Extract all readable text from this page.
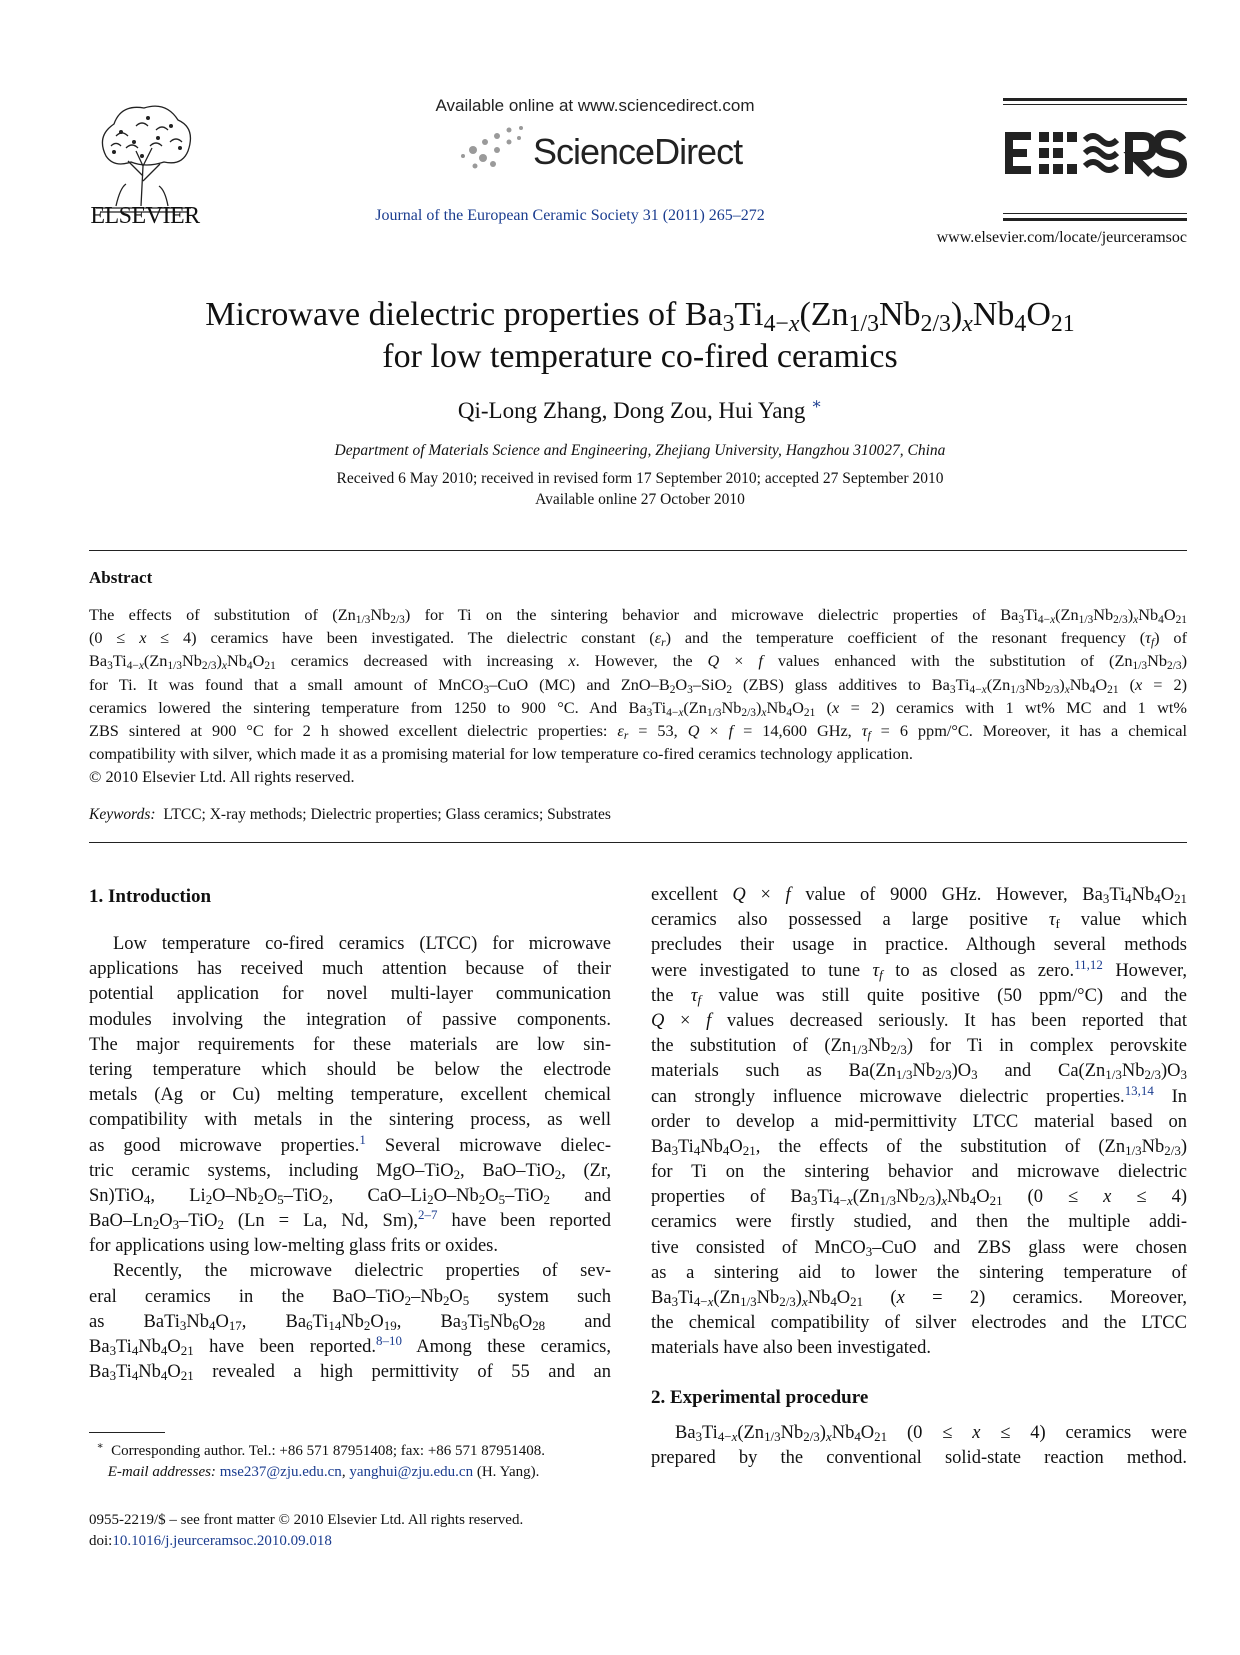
ELSEVIER
Available online at www.sciencedirect.com
ScienceDirect
Journal of the European Ceramic Society 31 (2011) 265–272
www.elsevier.com/locate/jeurceramsoc
Microwave dielectric properties of $Ba_3Ti_{4-x}(Zn_{1/3}Nb_{2/3})_xNb_4O_{21}$
for low temperature co-fired ceramics
Qi-Long Zhang, Dong Zou, Hui Yang ∗
Department of Materials Science and Engineering, Zhejiang University, Hangzhou 310027, China
Received 6 May 2010; received in revised form 17 September 2010; accepted 27 September 2010
Available online 27 October 2010
Abstract
The effects of substitution of $(Zn_{1/3}Nb_{2/3})$ for Ti on the sintering behavior and microwave dielectric properties of $Ba_3Ti_{4-x}(Zn_{1/3}Nb_{2/3})_xNb_4O_{21}$
(0 ≤ x ≤ 4) ceramics have been investigated. The dielectric constant $(\varepsilon_r)$ and the temperature coefficient of the resonant frequency $(\tau_f)$ of
$Ba_3Ti_{4-x}(Zn_{1/3}Nb_{2/3})_xNb_4O_{21}$ ceramics decreased with increasing x. However, the Q × f values enhanced with the substitution of $(Zn_{1/3}Nb_{2/3})$
for Ti. It was found that a small amount of MnCO$_3$–CuO (MC) and ZnO–$B_2O_3-SiO_2$ (ZBS) glass additives to $Ba_3Ti_{4-x}(Zn_{1/3}Nb_{2/3})_xNb_4O_{21}$ (x = 2)
ceramics lowered the sintering temperature from 1250 to 900 °C. And $Ba_3Ti_{4-x}(Zn_{1/3}Nb_{2/3})_xNb_4O_{21}$ (x = 2) ceramics with 1 wt% MC and 1 wt%
ZBS sintered at 900 °C for 2 h showed excellent dielectric properties: $\varepsilon_r = 53$, Q × f = 14,600 GHz, $\tau_f = 6$ ppm/°C. Moreover, it has a chemical
compatibility with silver, which made it as a promising material for low temperature co-fired ceramics technology application.
© 2010 Elsevier Ltd. All rights reserved.
Keywords: LTCC; X-ray methods; Dielectric properties; Glass ceramics; Substrates
1. Introduction
Low temperature co-fired ceramics (LTCC) for microwave
applications has received much attention because of their
potential application for novel multi-layer communication
modules involving the integration of passive components.
The major requirements for these materials are low sin-
tering temperature which should be below the electrode
metals (Ag or Cu) melting temperature, excellent chemical
compatibility with metals in the sintering process, as well
as good microwave properties.$^1$ Several microwave dielec-
tric ceramic systems, including MgO–TiO$_2$, BaO–TiO$_2$, (Zr,
Sn)TiO$_4$, $Li_2O-Nb_2O_5-TiO_2$, CaO–$Li_2O-Nb_2O_5-TiO_2$ and
BaO–$Ln_2O_3-TiO_2$ (Ln = La, Nd, Sm),$^{2-7}$ have been reported
for applications using low-melting glass frits or oxides.
Recently, the microwave dielectric properties of sev-
eral ceramics in the BaO–$TiO_2-Nb_2O_5$ system such
as $BaTi_3Nb_4O_{17}$, $Ba_6Ti_{14}Nb_2O_{19}$, $Ba_3Ti_5Nb_6O_{28}$ and
$Ba_3Ti_4Nb_4O_{21}$ have been reported.$^{8-10}$ Among these ceramics,
$Ba_3Ti_4Nb_4O_{21}$ revealed a high permittivity of 55 and an
∗ Corresponding author. Tel.: +86 571 87951408; fax: +86 571 87951408.
E-mail addresses: mse237@zju.edu.cn, yanghui@zju.edu.cn (H. Yang).
0955-2219/$ – see front matter © 2010 Elsevier Ltd. All rights reserved.
doi:10.1016/j.jeurceramsoc.2010.09.018
excellent Q × f value of 9000 GHz. However, $Ba_3Ti_4Nb_4O_{21}$
ceramics also possessed a large positive $\tau_f$ value which
precludes their usage in practice. Although several methods
were investigated to tune $\tau_f$ to as closed as zero.$^{11,12}$ However,
the $\tau_f$ value was still quite positive (50 ppm/°C) and the
Q × f values decreased seriously. It has been reported that
the substitution of $(Zn_{1/3}Nb_{2/3})$ for Ti in complex perovskite
materials such as $Ba(Zn_{1/3}Nb_{2/3})O_3$ and $Ca(Zn_{1/3}Nb_{2/3})O_3$
can strongly influence microwave dielectric properties.$^{13,14}$ In
order to develop a mid-permittivity LTCC material based on
$Ba_3Ti_4Nb_4O_{21}$, the effects of the substitution of $(Zn_{1/3}Nb_{2/3})$
for Ti on the sintering behavior and microwave dielectric
properties of $Ba_3Ti_{4-x}(Zn_{1/3}Nb_{2/3})_xNb_4O_{21}$ (0 ≤ x ≤ 4)
ceramics were firstly studied, and then the multiple addi-
tive consisted of MnCO$_3$–CuO and ZBS glass were chosen
as a sintering aid to lower the sintering temperature of
$Ba_3Ti_{4-x}(Zn_{1/3}Nb_{2/3})_xNb_4O_{21}$ (x = 2) ceramics. Moreover,
the chemical compatibility of silver electrodes and the LTCC
materials have also been investigated.
2. Experimental procedure
$Ba_3Ti_{4-x}(Zn_{1/3}Nb_{2/3})_xNb_4O_{21}$ (0 ≤ x ≤ 4) ceramics were
prepared by the conventional solid-state reaction method.
